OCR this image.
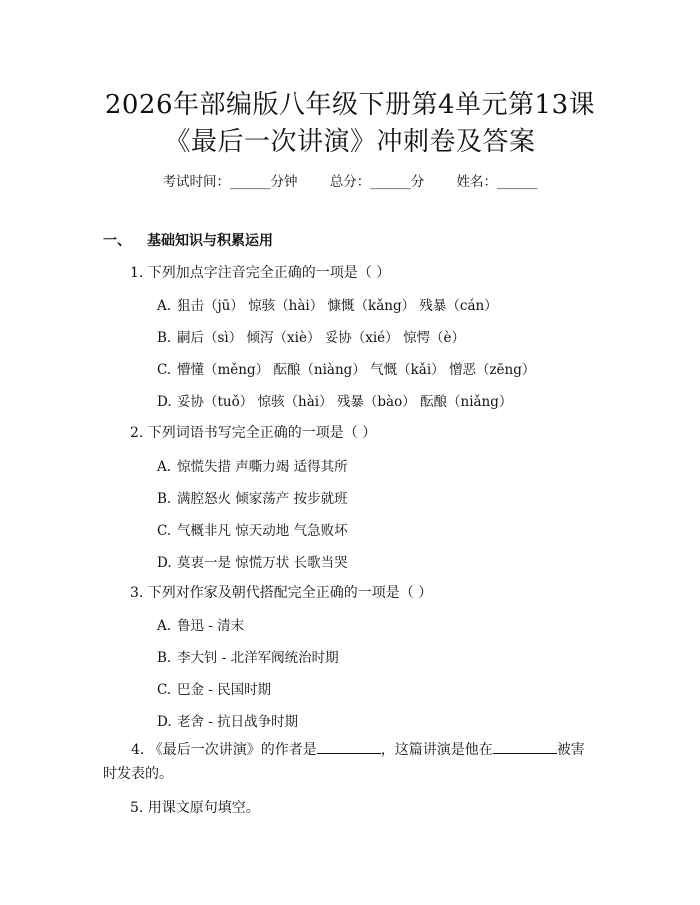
2026年部编版八年级下册第4单元第13课
《最后一次讲演》冲刺卷及答案
考试时间：______分钟 总分：______分 姓名：______
一、 基础知识与积累运用
1. 下列加点字注音完全正确的一项是（ ）
A. 狙击（jū） 惊骇（hài） 慷慨（kǎng） 残暴（cán）
B. 嗣后（sì） 倾泻（xiè） 妥协（xié） 惊愕（è）
C. 懵懂（měng） 酝酿（niàng） 气慨（kǎi） 憎恶（zēng）
D. 妥协（tuǒ） 惊骇（hài） 残暴（bào） 酝酿（niǎng）
2. 下列词语书写完全正确的一项是（ ）
A. 惊慌失措 声嘶力竭 适得其所
B. 满腔怒火 倾家荡产 按步就班
C. 气概非凡 惊天动地 气急败坏
D. 莫衷一是 惊慌万状 长歌当哭
3. 下列对作家及朝代搭配完全正确的一项是（ ）
A. 鲁迅 - 清末
B. 李大钊 - 北洋军阀统治时期
C. 巴金 - 民国时期
D. 老舍 - 抗日战争时期
4. 《最后一次讲演》的作者是	，这篇讲演是他在	被害时发表的。
5. 用课文原句填空。
